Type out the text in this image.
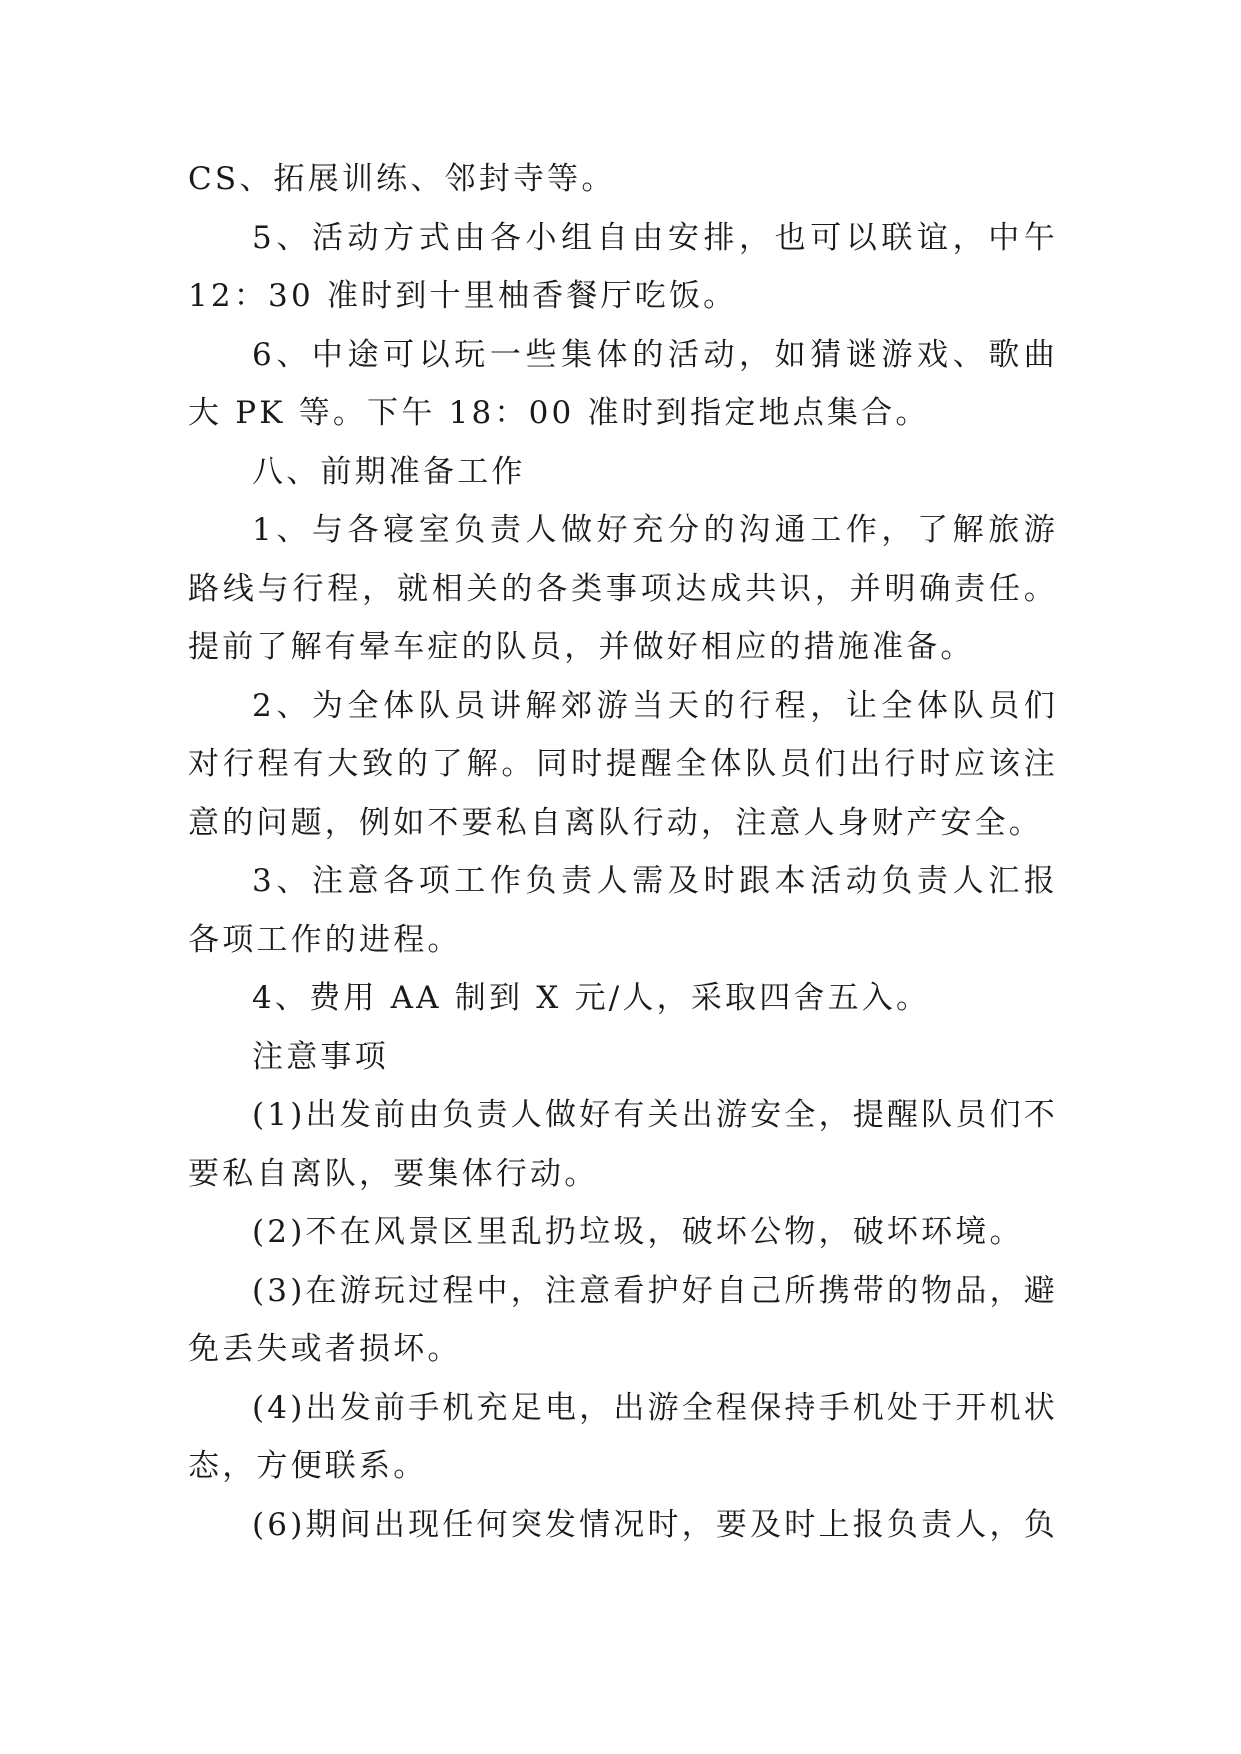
CS、拓展训练、邻封寺等。

5、活动方式由各小组自由安排，也可以联谊，中午 12：30 准时到十里柚香餐厅吃饭。

6、中途可以玩一些集体的活动，如猜谜游戏、歌曲大 PK 等。下午 18：00 准时到指定地点集合。

八、前期准备工作

1、与各寝室负责人做好充分的沟通工作，了解旅游路线与行程，就相关的各类事项达成共识，并明确责任。提前了解有晕车症的队员，并做好相应的措施准备。

2、为全体队员讲解郊游当天的行程，让全体队员们对行程有大致的了解。同时提醒全体队员们出行时应该注意的问题，例如不要私自离队行动，注意人身财产安全。

3、注意各项工作负责人需及时跟本活动负责人汇报各项工作的进程。

4、费用 AA 制到 X 元/人，采取四舍五入。

注意事项

(1)出发前由负责人做好有关出游安全，提醒队员们不要私自离队，要集体行动。

(2)不在风景区里乱扔垃圾，破坏公物，破坏环境。

(3)在游玩过程中，注意看护好自己所携带的物品，避免丢失或者损坏。

(4)出发前手机充足电，出游全程保持手机处于开机状态，方便联系。

(6)期间出现任何突发情况时，要及时上报负责人，负
